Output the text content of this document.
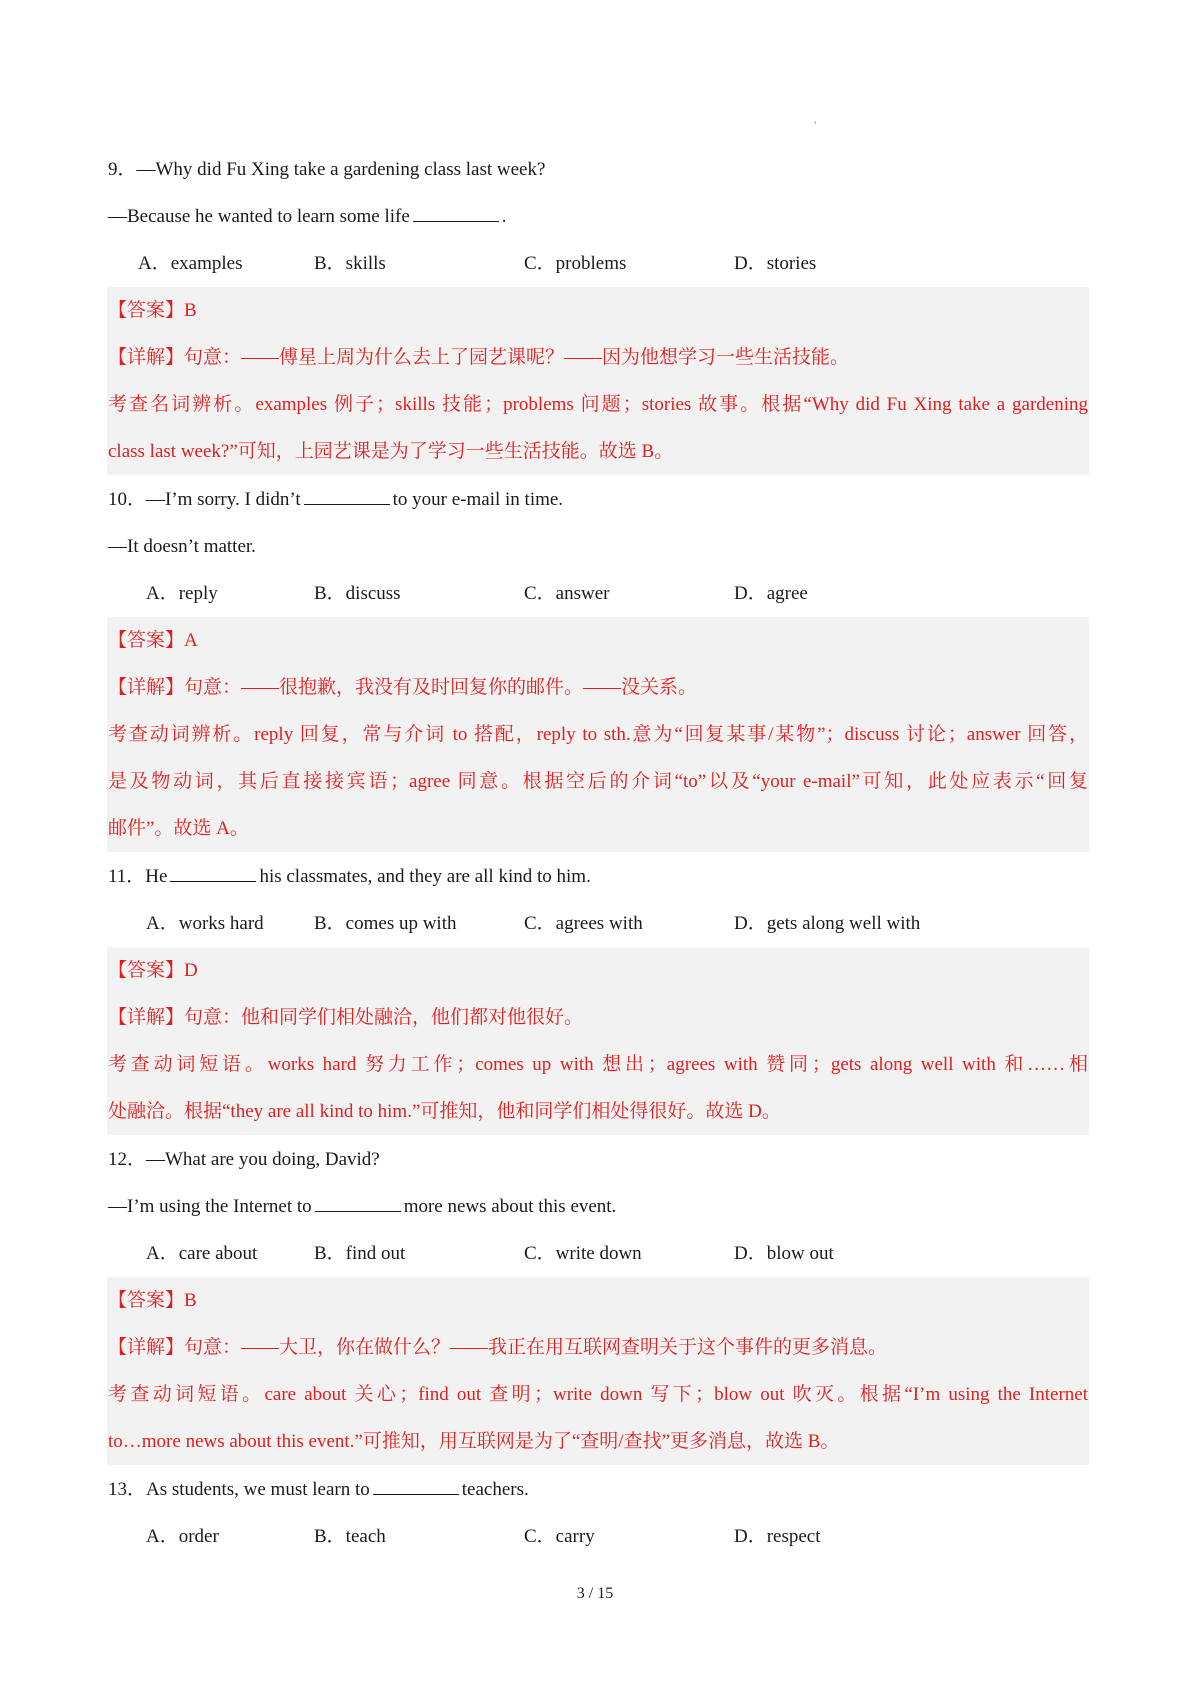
'
9．—Why did Fu Xing take a gardening class last week?
—Because he wanted to learn some life	.
A．examples	B．skills	C．problems	D．stories
【答案】B
【详解】句意：——傅星上周为什么去上了园艺课呢？——因为他想学习一些生活技能。
考查名词辨析。examples 例子；skills 技能；problems 问题；stories 故事。根据“Why did Fu Xing take a gardening
class last week?”可知，上园艺课是为了学习一些生活技能。故选 B。
10．—I’m sorry. I didn’t	to your e-mail in time.
—It doesn’t matter.
A．reply	B．discuss	C．answer	D．agree
【答案】A
【详解】句意：——很抱歉，我没有及时回复你的邮件。——没关系。
考查动词辨析。reply 回复，常与介词 to 搭配，reply to sth.意为“回复某事/某物”；discuss 讨论；answer 回答，
是及物动词，其后直接接宾语；agree 同意。根据空后的介词“to”以及“your e-mail”可知，此处应表示“回复
邮件”。故选 A。
11．He	his classmates, and they are all kind to him.
A．works hard	B．comes up with	C．agrees with	D．gets along well with
【答案】D
【详解】句意：他和同学们相处融洽，他们都对他很好。
考查动词短语。works hard 努力工作；comes up with 想出；agrees with 赞同；gets along well with 和……相
处融洽。根据“they are all kind to him.”可推知，他和同学们相处得很好。故选 D。
12．—What are you doing, David?
—I’m using the Internet to	more news about this event.
A．care about	B．find out	C．write down	D．blow out
【答案】B
【详解】句意：——大卫，你在做什么？——我正在用互联网查明关于这个事件的更多消息。
考查动词短语。care about 关心；find out 查明；write down 写下；blow out 吹灭。根据“I’m using the Internet
to…more news about this event.”可推知，用互联网是为了“查明/查找”更多消息，故选 B。
13．As students, we must learn to	teachers.
A．order	B．teach	C．carry	D．respect
3 / 15
